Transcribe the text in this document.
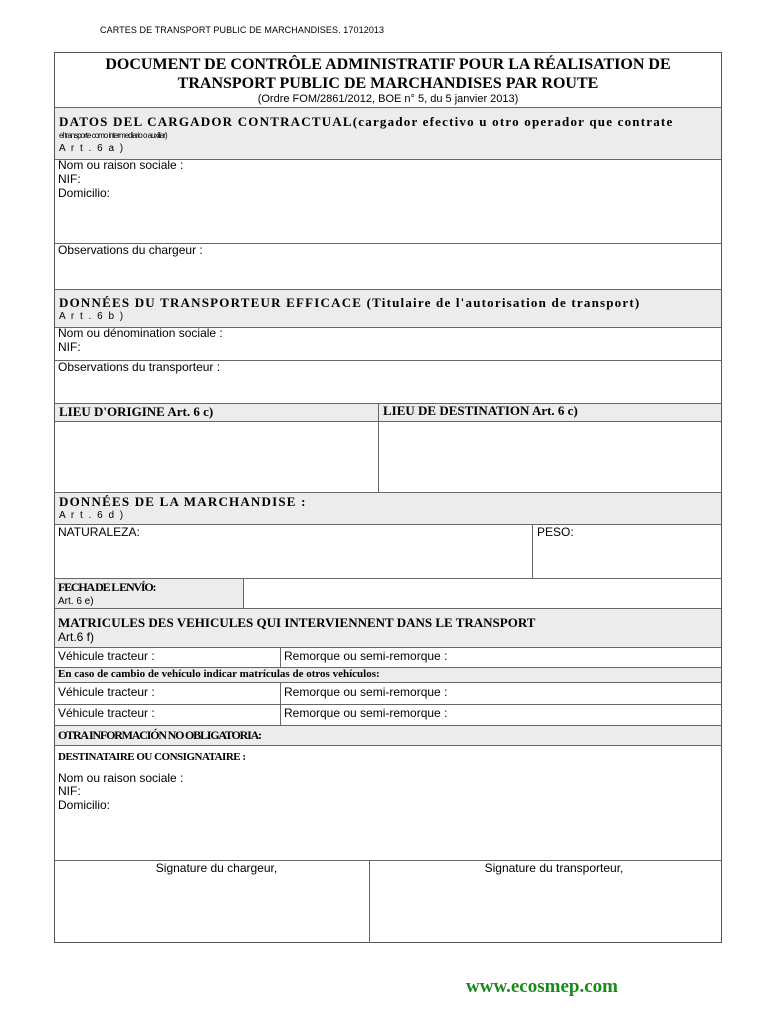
CARTES DE TRANSPORT PUBLIC DE MARCHANDISES. 17012013
DOCUMENT DE CONTRÔLE ADMINISTRATIF POUR LA RÉALISATION DE
TRANSPORT PUBLIC DE MARCHANDISES PAR ROUTE
(Ordre FOM/2861/2012, BOE n° 5, du 5 janvier 2013)
DATOS DEL CARGADOR CONTRACTUAL(cargador efectivo u otro operador que contrate
el transporte como intermediario o auxiliar)
A r t . 6 a )
Nom ou raison sociale :
NIF:
Domicilio:
Observations du chargeur :
DONNÉES DU TRANSPORTEUR EFFICACE (Titulaire de l'autorisation de transport)
A r t . 6 b )
Nom ou dénomination sociale :
NIF:
Observations du transporteur :
LIEU D'ORIGINE Art. 6 c)	LIEU DE DESTINATION Art. 6 c)
DONNÉES DE LA MARCHANDISE :
A r t . 6 d )
NATURALEZA:	PESO:
FECHA DE L ENVÍO:
Art. 6 e)
MATRICULES DES VEHICULES QUI INTERVIENNENT DANS LE TRANSPORT
Art.6 f)
Véhicule tracteur :	Remorque ou semi-remorque :
En caso de cambio de vehículo indicar matrículas de otros vehículos:
Véhicule tracteur :	Remorque ou semi-remorque :
Véhicule tracteur :	Remorque ou semi-remorque :
OTRA INFORMACIÓN NO OBLIGATORIA:
DESTINATAIRE OU CONSIGNATAIRE :
Nom ou raison sociale :
NIF:
Domicilio:
Signature du chargeur,	Signature du transporteur,
www.ecosmep.com
